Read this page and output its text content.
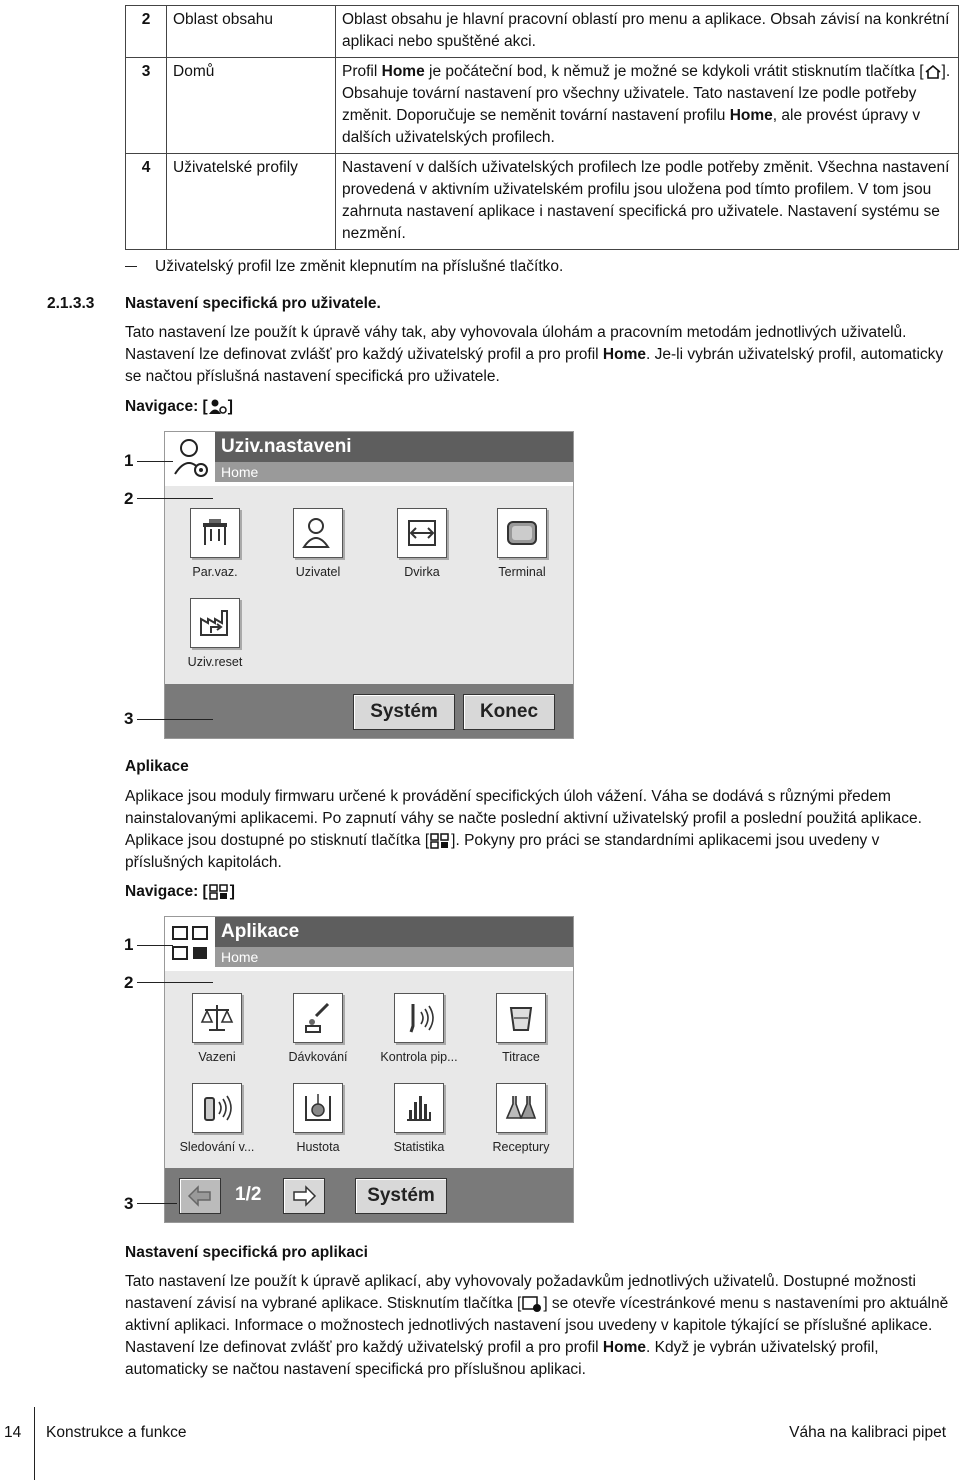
2	Oblast obsahu	Oblast obsahu je hlavní pracovní oblastí pro menu a aplikace. Obsah závisí na konkrétní aplikaci nebo spuštěné akci.
3	Domů	Profil Home je počáteční bod, k němuž je možné se kdykoli vrátit stisknutím tlačítka [ ]. Obsahuje tovární nastavení pro všechny uživatele. Tato nastavení lze podle potřeby změnit. Doporučuje se neměnit tovární nastavení profilu Home, ale provést úpravy v dalších uživatelských profilech.
4	Uživatelské profily	Nastavení v dalších uživatelských profilech lze podle potřeby změnit. Všechna nastavení provedená v aktivním uživatelském profilu jsou uložena pod tímto profilem. V tom jsou zahrnuta nastavení aplikace i nastavení specifická pro uživatele. Nastavení systému se nezmění.
Uživatelský profil lze změnit klepnutím na příslušné tlačítko.
2.1.3.3 Nastavení specifická pro uživatele.
Tato nastavení lze použít k úpravě váhy tak, aby vyhovovala úlohám a pracovním metodám jednotlivých uživatelů. Nastavení lze definovat zvlášť pro každý uživatelský profil a pro profil Home. Je-li vybrán uživatelský profil, automaticky se načtou příslušná nastavení specifická pro uživatele.
Navigace: [ ]
Uziv.nastaveni
Home
Par.vaz.	Uzivatel	Dvirka	Terminal
Uziv.reset
Systém	Konec
1
2
3
Aplikace
Aplikace jsou moduly firmwaru určené k provádění specifických úloh vážení. Váha se dodává s různými předem nainstalovanými aplikacemi. Po zapnutí váhy se načte poslední aktivní uživatelský profil a poslední použitá aplikace. Aplikace jsou dostupné po stisknutí tlačítka [ ]. Pokyny pro práci se standardními aplikacemi jsou uvedeny v příslušných kapitolách.
Navigace: [ ]
Aplikace
Home
Vazeni	Dávkování	Kontrola pip...	Titrace
Sledování v...	Hustota	Statistika	Receptury
1/2	Systém
1
2
3
Nastavení specifická pro aplikaci
Tato nastavení lze použít k úpravě aplikací, aby vyhovovaly požadavkům jednotlivých uživatelů. Dostupné možnosti nastavení závisí na vybrané aplikace. Stisknutím tlačítka [ ] se otevře vícestránkové menu s nastaveními pro aktuálně aktivní aplikaci. Informace o možnostech jednotlivých nastavení jsou uvedeny v kapitole týkající se příslušné aplikace. Nastavení lze definovat zvlášť pro každý uživatelský profil a pro profil Home. Když je vybrán uživatelský profil, automaticky se načtou nastavení specifická pro příslušnou aplikaci.
14 Konstrukce a funkce	Váha na kalibraci pipet
